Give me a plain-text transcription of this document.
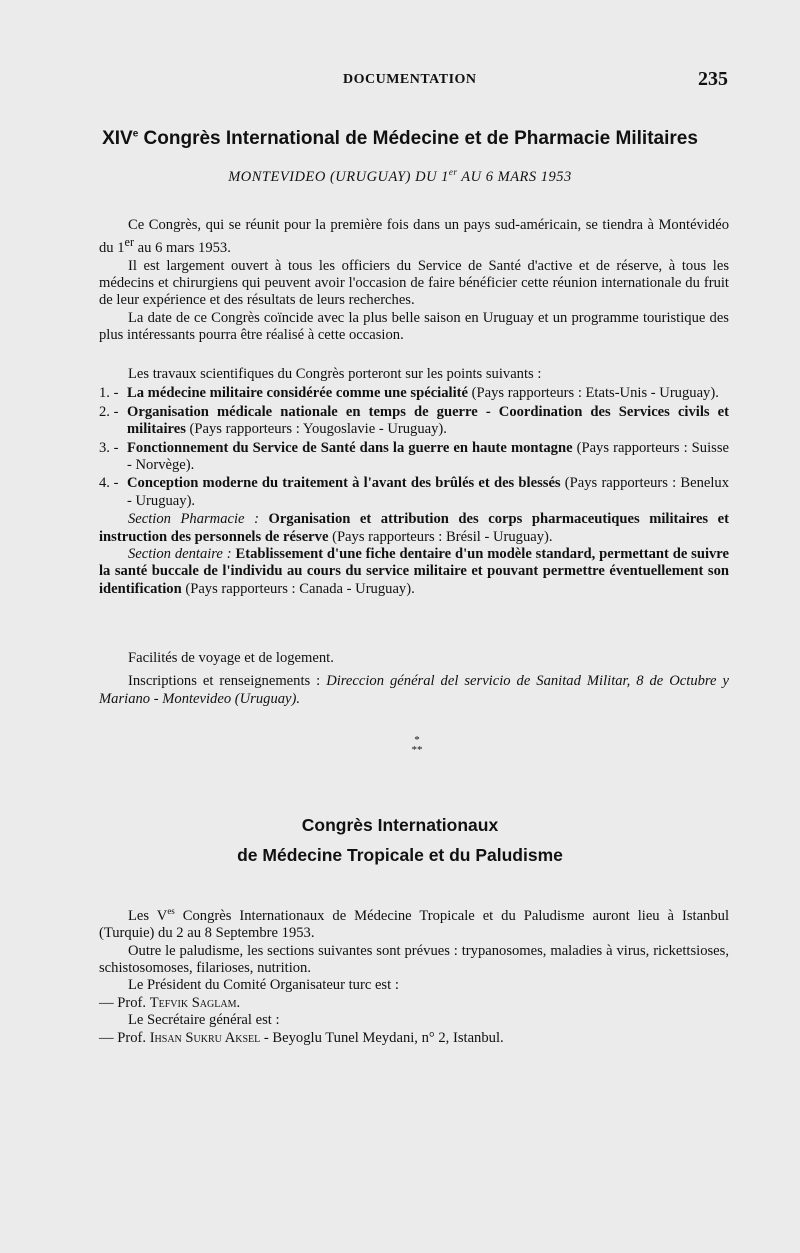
DOCUMENTATION	235
XIVe Congrès International de Médecine et de Pharmacie Militaires
MONTEVIDEO (URUGUAY) DU 1er AU 6 MARS 1953

Ce Congrès, qui se réunit pour la première fois dans un pays sud-américain, se tiendra à Montévidéo du 1er au 6 mars 1953.

Il est largement ouvert à tous les officiers du Service de Santé d'active et de réserve, à tous les médecins et chirurgiens qui peuvent avoir l'occasion de faire bénéficier cette réunion internationale du fruit de leur expérience et des résultats de leurs recherches.

La date de ce Congrès coïncide avec la plus belle saison en Uruguay et un programme touristique des plus intéressants pourra être réalisé à cette occasion.

Les travaux scientifiques du Congrès porteront sur les points suivants :

1. - La médecine militaire considérée comme une spécialité (Pays rapporteurs : Etats-Unis - Uruguay).

2. - Organisation médicale nationale en temps de guerre - Coordination des Services civils et militaires (Pays rapporteurs : Yougoslavie - Uruguay).

3. - Fonctionnement du Service de Santé dans la guerre en haute montagne (Pays rapporteurs : Suisse - Norvège).

4. - Conception moderne du traitement à l'avant des brûlés et des blessés (Pays rapporteurs : Benelux - Uruguay).

Section Pharmacie : Organisation et attribution des corps pharmaceutiques militaires et instruction des personnels de réserve (Pays rapporteurs : Brésil - Uruguay).

Section dentaire : Etablissement d'une fiche dentaire d'un modèle standard, permettant de suivre la santé buccale de l'individu au cours du service militaire et pouvant permettre éventuellement son identification (Pays rapporteurs : Canada - Uruguay).

Facilités de voyage et de logement.

Inscriptions et renseignements : Direccion général del servicio de Sanitad Militar, 8 de Octubre y Mariano - Montevideo (Uruguay).

*
**
Congrès Internationaux
de Médecine Tropicale et du Paludisme

Les $V^{es}$ Congrès Internationaux de Médecine Tropicale et du Paludisme auront lieu à Istanbul (Turquie) du 2 au 8 Septembre 1953.

Outre le paludisme, les sections suivantes sont prévues : trypanosomes, maladies à virus, rickettsioses, schistosomoses, filarioses, nutrition.

Le Président du Comité Organisateur turc est :

— Prof. Tefvik Saglam.

Le Secrétaire général est :

— Prof. Ihsan Sukru Aksel - Beyoglu Tunel Meydani, n° 2, Istanbul.
